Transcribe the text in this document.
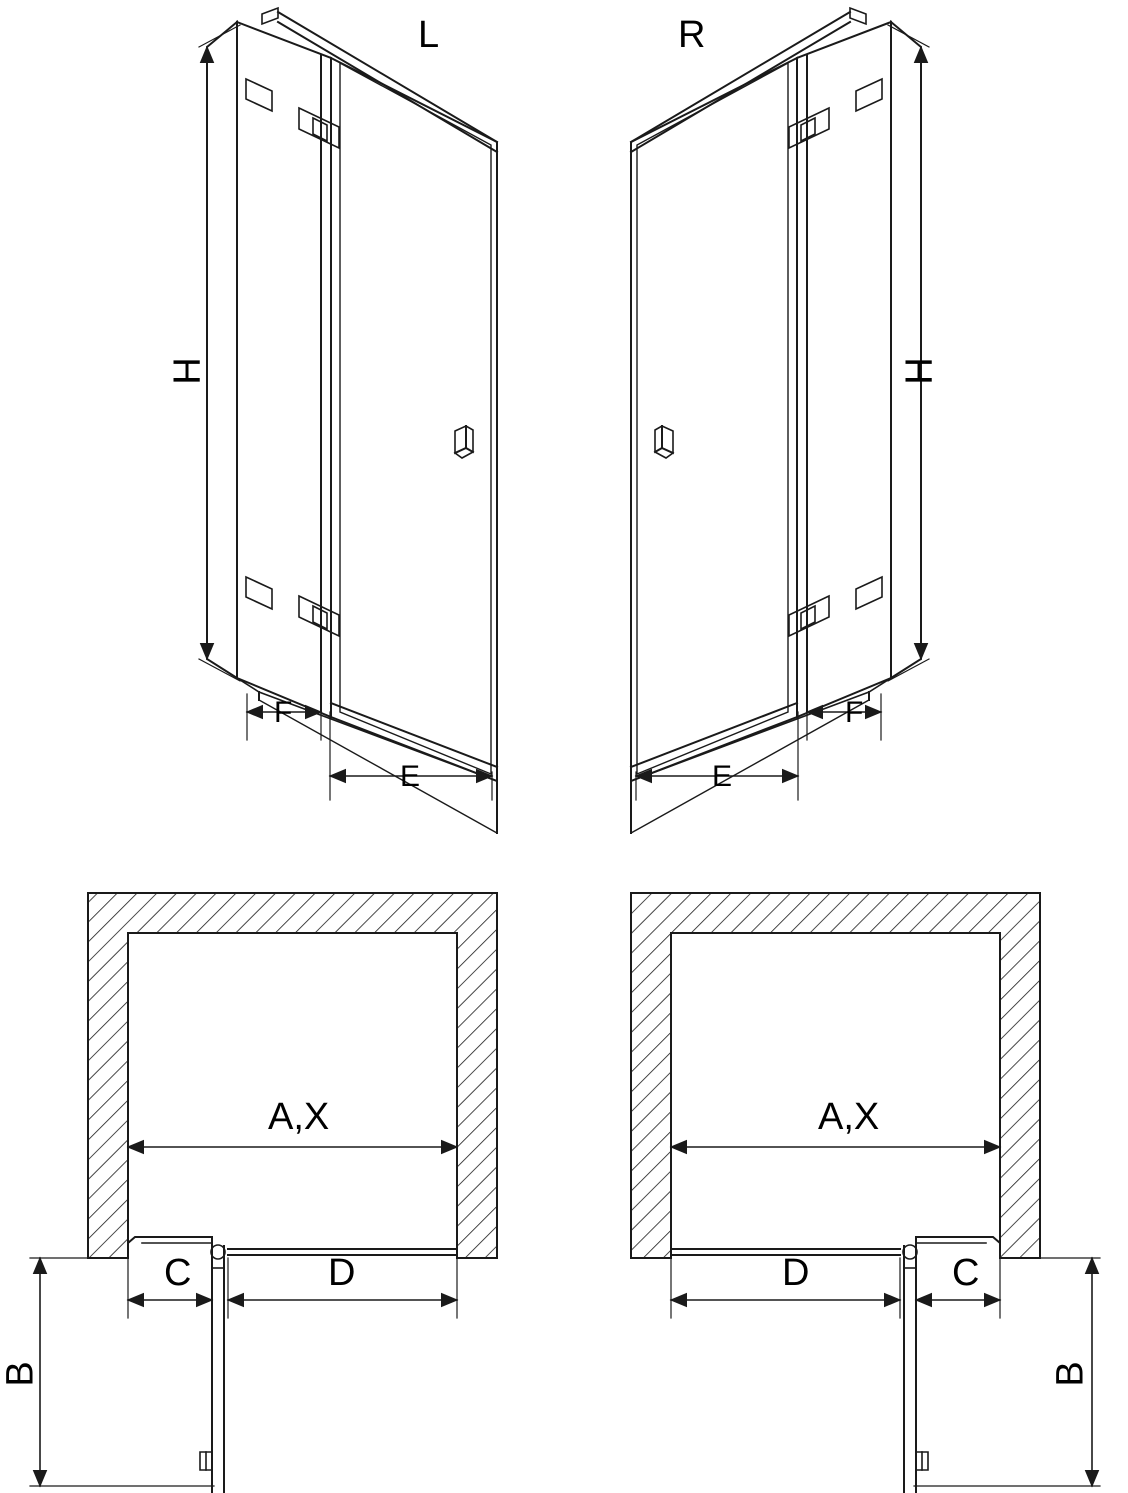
L	R
H	H
F	F
E	E
A,X	A,X
C	C
D	D
B	B
